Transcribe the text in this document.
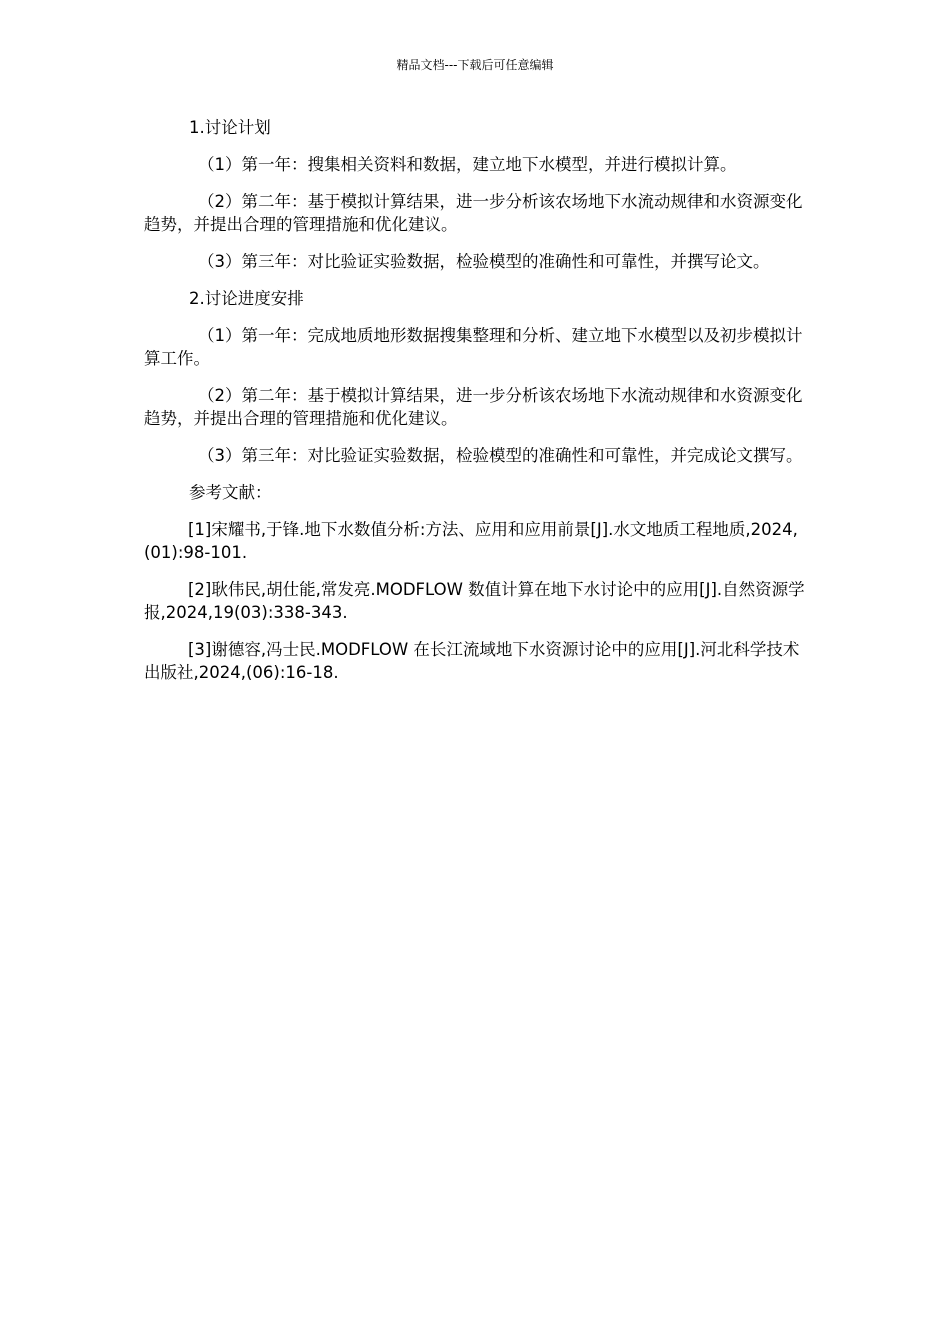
精品文档---下载后可任意编辑

1.讨论计划

（1）第一年：搜集相关资料和数据，建立地下水模型，并进行模拟计算。

（2）第二年：基于模拟计算结果，进一步分析该农场地下水流动规律和水资源变化趋势，并提出合理的管理措施和优化建议。

（3）第三年：对比验证实验数据，检验模型的准确性和可靠性，并撰写论文。

2.讨论进度安排

（1）第一年：完成地质地形数据搜集整理和分析、建立地下水模型以及初步模拟计算工作。

（2）第二年：基于模拟计算结果，进一步分析该农场地下水流动规律和水资源变化趋势，并提出合理的管理措施和优化建议。

（3）第三年：对比验证实验数据，检验模型的准确性和可靠性，并完成论文撰写。

参考文献：

[1]宋耀书,于锋.地下水数值分析:方法、应用和应用前景[J].水文地质工程地质,2024,(01):98-101.

[2]耿伟民,胡仕能,常发亮.MODFLOW 数值计算在地下水讨论中的应用[J].自然资源学报,2024,19(03):338-343.

[3]谢德容,冯士民.MODFLOW 在长江流域地下水资源讨论中的应用[J].河北科学技术出版社,2024,(06):16-18.
